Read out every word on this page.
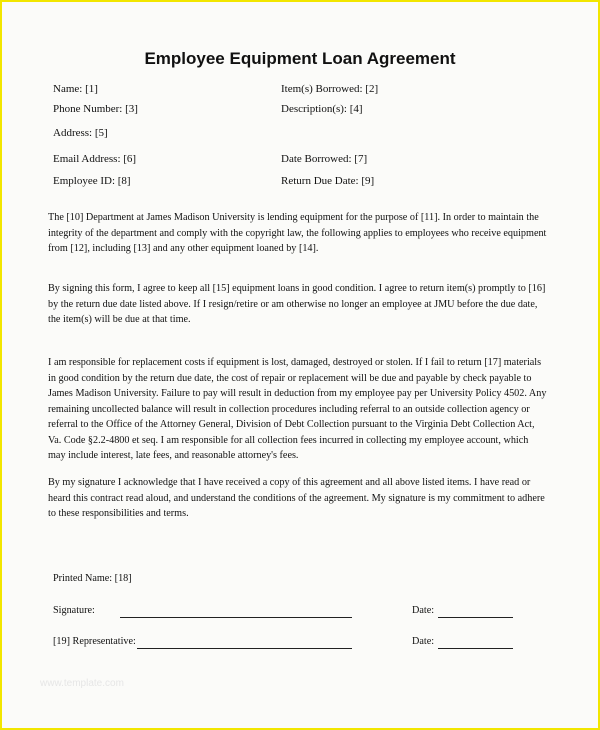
Employee Equipment Loan Agreement
Name: [1]
Phone Number: [3]
Address: [5]
Email Address: [6]
Employee ID: [8]
Item(s) Borrowed: [2]
Description(s): [4]
Date Borrowed: [7]
Return Due Date: [9]

The [10] Department at James Madison University is lending equipment for the purpose of [11]. In order to maintain the integrity of the department and comply with the copyright law, the following applies to employees who receive equipment from [12], including [13] and any other equipment loaned by [14].

By signing this form, I agree to keep all [15] equipment loans in good condition. I agree to return item(s) promptly to [16] by the return due date listed above. If I resign/retire or am otherwise no longer an employee at JMU before the due date, the item(s) will be due at that time.

I am responsible for replacement costs if equipment is lost, damaged, destroyed or stolen. If I fail to return [17] materials in good condition by the return due date, the cost of repair or replacement will be due and payable by check payable to James Madison University. Failure to pay will result in deduction from my employee pay per University Policy 4502. Any remaining uncollected balance will result in collection procedures including referral to an outside collection agency or referral to the Office of the Attorney General, Division of Debt Collection pursuant to the Virginia Debt Collection Act, Va. Code §2.2-4800 et seq. I am responsible for all collection fees incurred in collecting my employee account, which may include interest, late fees, and reasonable attorney's fees.

By my signature I acknowledge that I have received a copy of this agreement and all above listed items. I have read or heard this contract read aloud, and understand the conditions of the agreement. My signature is my commitment to adhere to these responsibilities and terms.

Printed Name: [18]
Signature:	Date:
[19] Representative:	Date:
www.template.com
